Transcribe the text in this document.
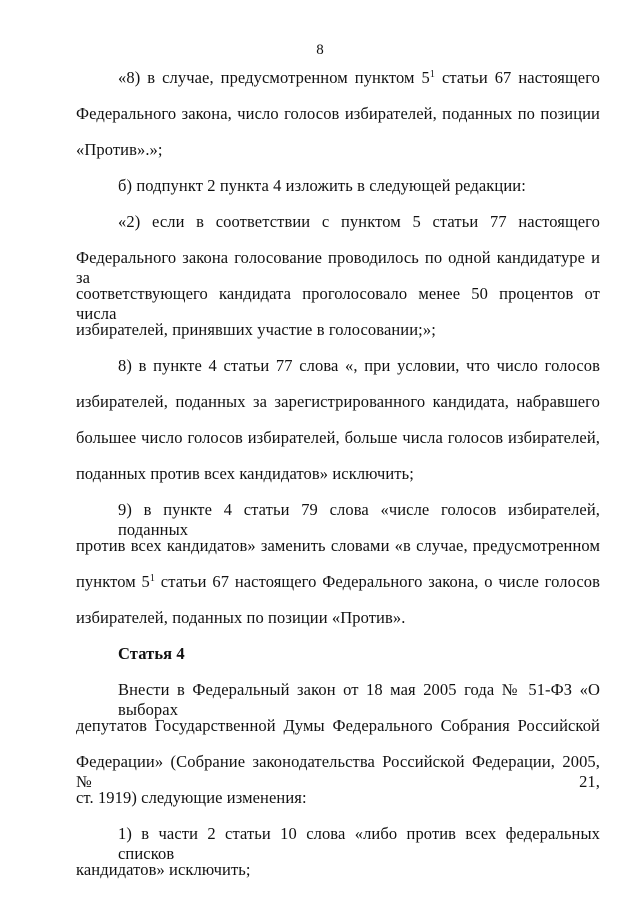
8
«8) в случае, предусмотренном пунктом $5^1$ статьи 67 настоящего
Федерального закона, число голосов избирателей, поданных по позиции
«Против».»;
б) подпункт 2 пункта 4 изложить в следующей редакции:
«2) если в соответствии с пунктом 5 статьи 77 настоящего
Федерального закона голосование проводилось по одной кандидатуре и за
соответствующего кандидата проголосовало менее 50 процентов от числа
избирателей, принявших участие в голосовании;»;
8) в пункте 4 статьи 77 слова «, при условии, что число голосов
избирателей, поданных за зарегистрированного кандидата, набравшего
большее число голосов избирателей, больше числа голосов избирателей,
поданных против всех кандидатов» исключить;
9) в пункте 4 статьи 79 слова «числе голосов избирателей, поданных
против всех кандидатов» заменить словами «в случае, предусмотренном
пунктом $5^1$ статьи 67 настоящего Федерального закона, о числе голосов
избирателей, поданных по позиции «Против».
Статья 4
Внести в Федеральный закон от 18 мая 2005 года № 51-ФЗ «О выборах
депутатов Государственной Думы Федерального Собрания Российской
Федерации» (Собрание законодательства Российской Федерации, 2005, № 21,
ст. 1919) следующие изменения:
1) в части 2 статьи 10 слова «либо против всех федеральных списков
кандидатов» исключить;
